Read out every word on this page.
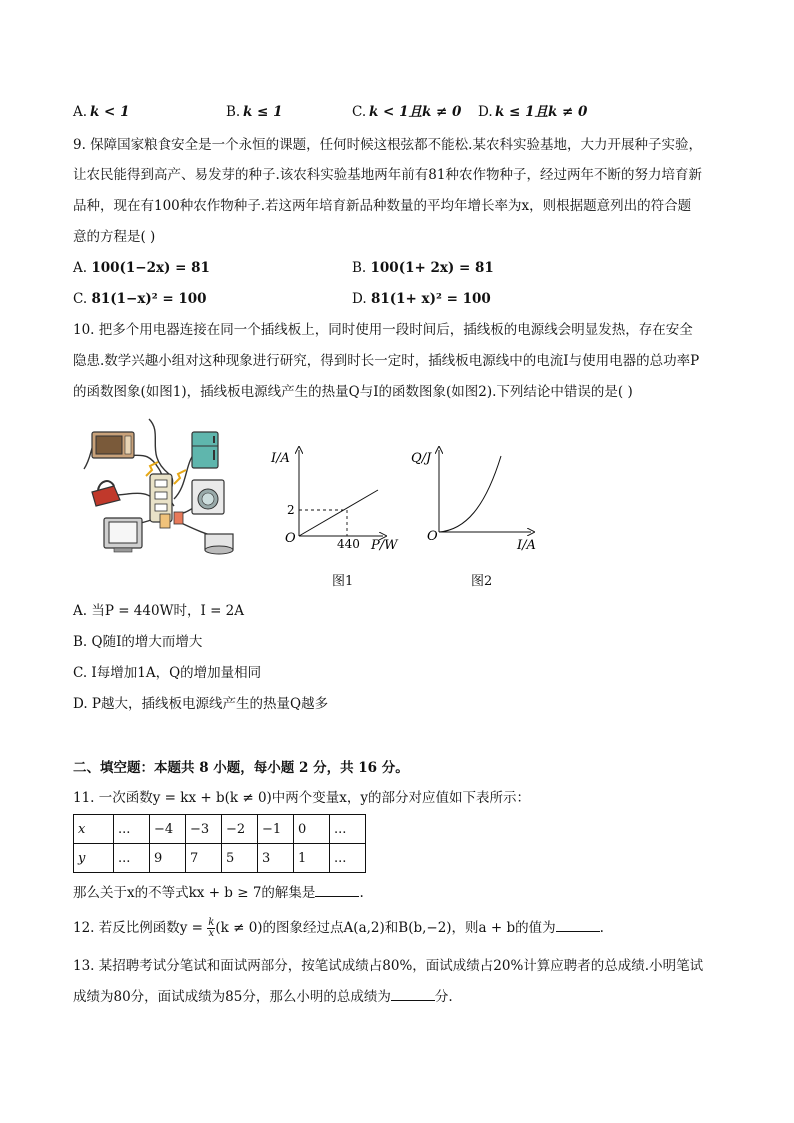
A. k < 1	B. k ≤ 1	C. k < 1且k ≠ 0 D. k ≤ 1且k ≠ 0
9. 保障国家粮食安全是一个永恒的课题，任何时候这根弦都不能松.某农科实验基地，大力开展种子实验，
让农民能得到高产、易发芽的种子.该农科实验基地两年前有81种农作物种子，经过两年不断的努力培育新
品种，现在有100种农作物种子.若这两年培育新品种数量的平均年增长率为x，则根据题意列出的符合题
意的方程是( )
A. 100(1−2x) = 81	B. 100(1+ 2x) = 81
C. 81(1−x)² = 100	D. 81(1+ x)² = 100
10. 把多个用电器连接在同一个插线板上，同时使用一段时间后，插线板的电源线会明显发热，存在安全
隐患.数学兴趣小组对这种现象进行研究，得到时长一定时，插线板电源线中的电流I与使用电器的总功率P
的函数图象(如图1)，插线板电源线产生的热量Q与I的函数图象(如图2).下列结论中错误的是( )
I/A
2
O	440 P/W
图1
Q/J
O
I/A
图2
A. 当P = 440W时，I = 2A
B. Q随I的增大而增大
C. I每增加1A，Q的增加量相同
D. P越大，插线板电源线产生的热量Q越多
二、填空题：本题共 8 小题，每小题 2 分，共 16 分。
11. 一次函数y = kx + b(k ≠ 0)中两个变量x，y的部分对应值如下表所示：
x	...	−4	−3	−2	−1	0	...
y	...	9	7	5	3	1	...
那么关于x的不等式kx + b ≥ 7的解集是	.
12. 若反比例函数$y = \frac{k}{x} (k \ne 0)$的图象经过点A(a,2)和B(b,−2)，则a + b的值为	.
13. 某招聘考试分笔试和面试两部分，按笔试成绩占80%，面试成绩占20%计算应聘者的总成绩.小明笔试
成绩为80分，面试成绩为85分，那么小明的总成绩为	分.
